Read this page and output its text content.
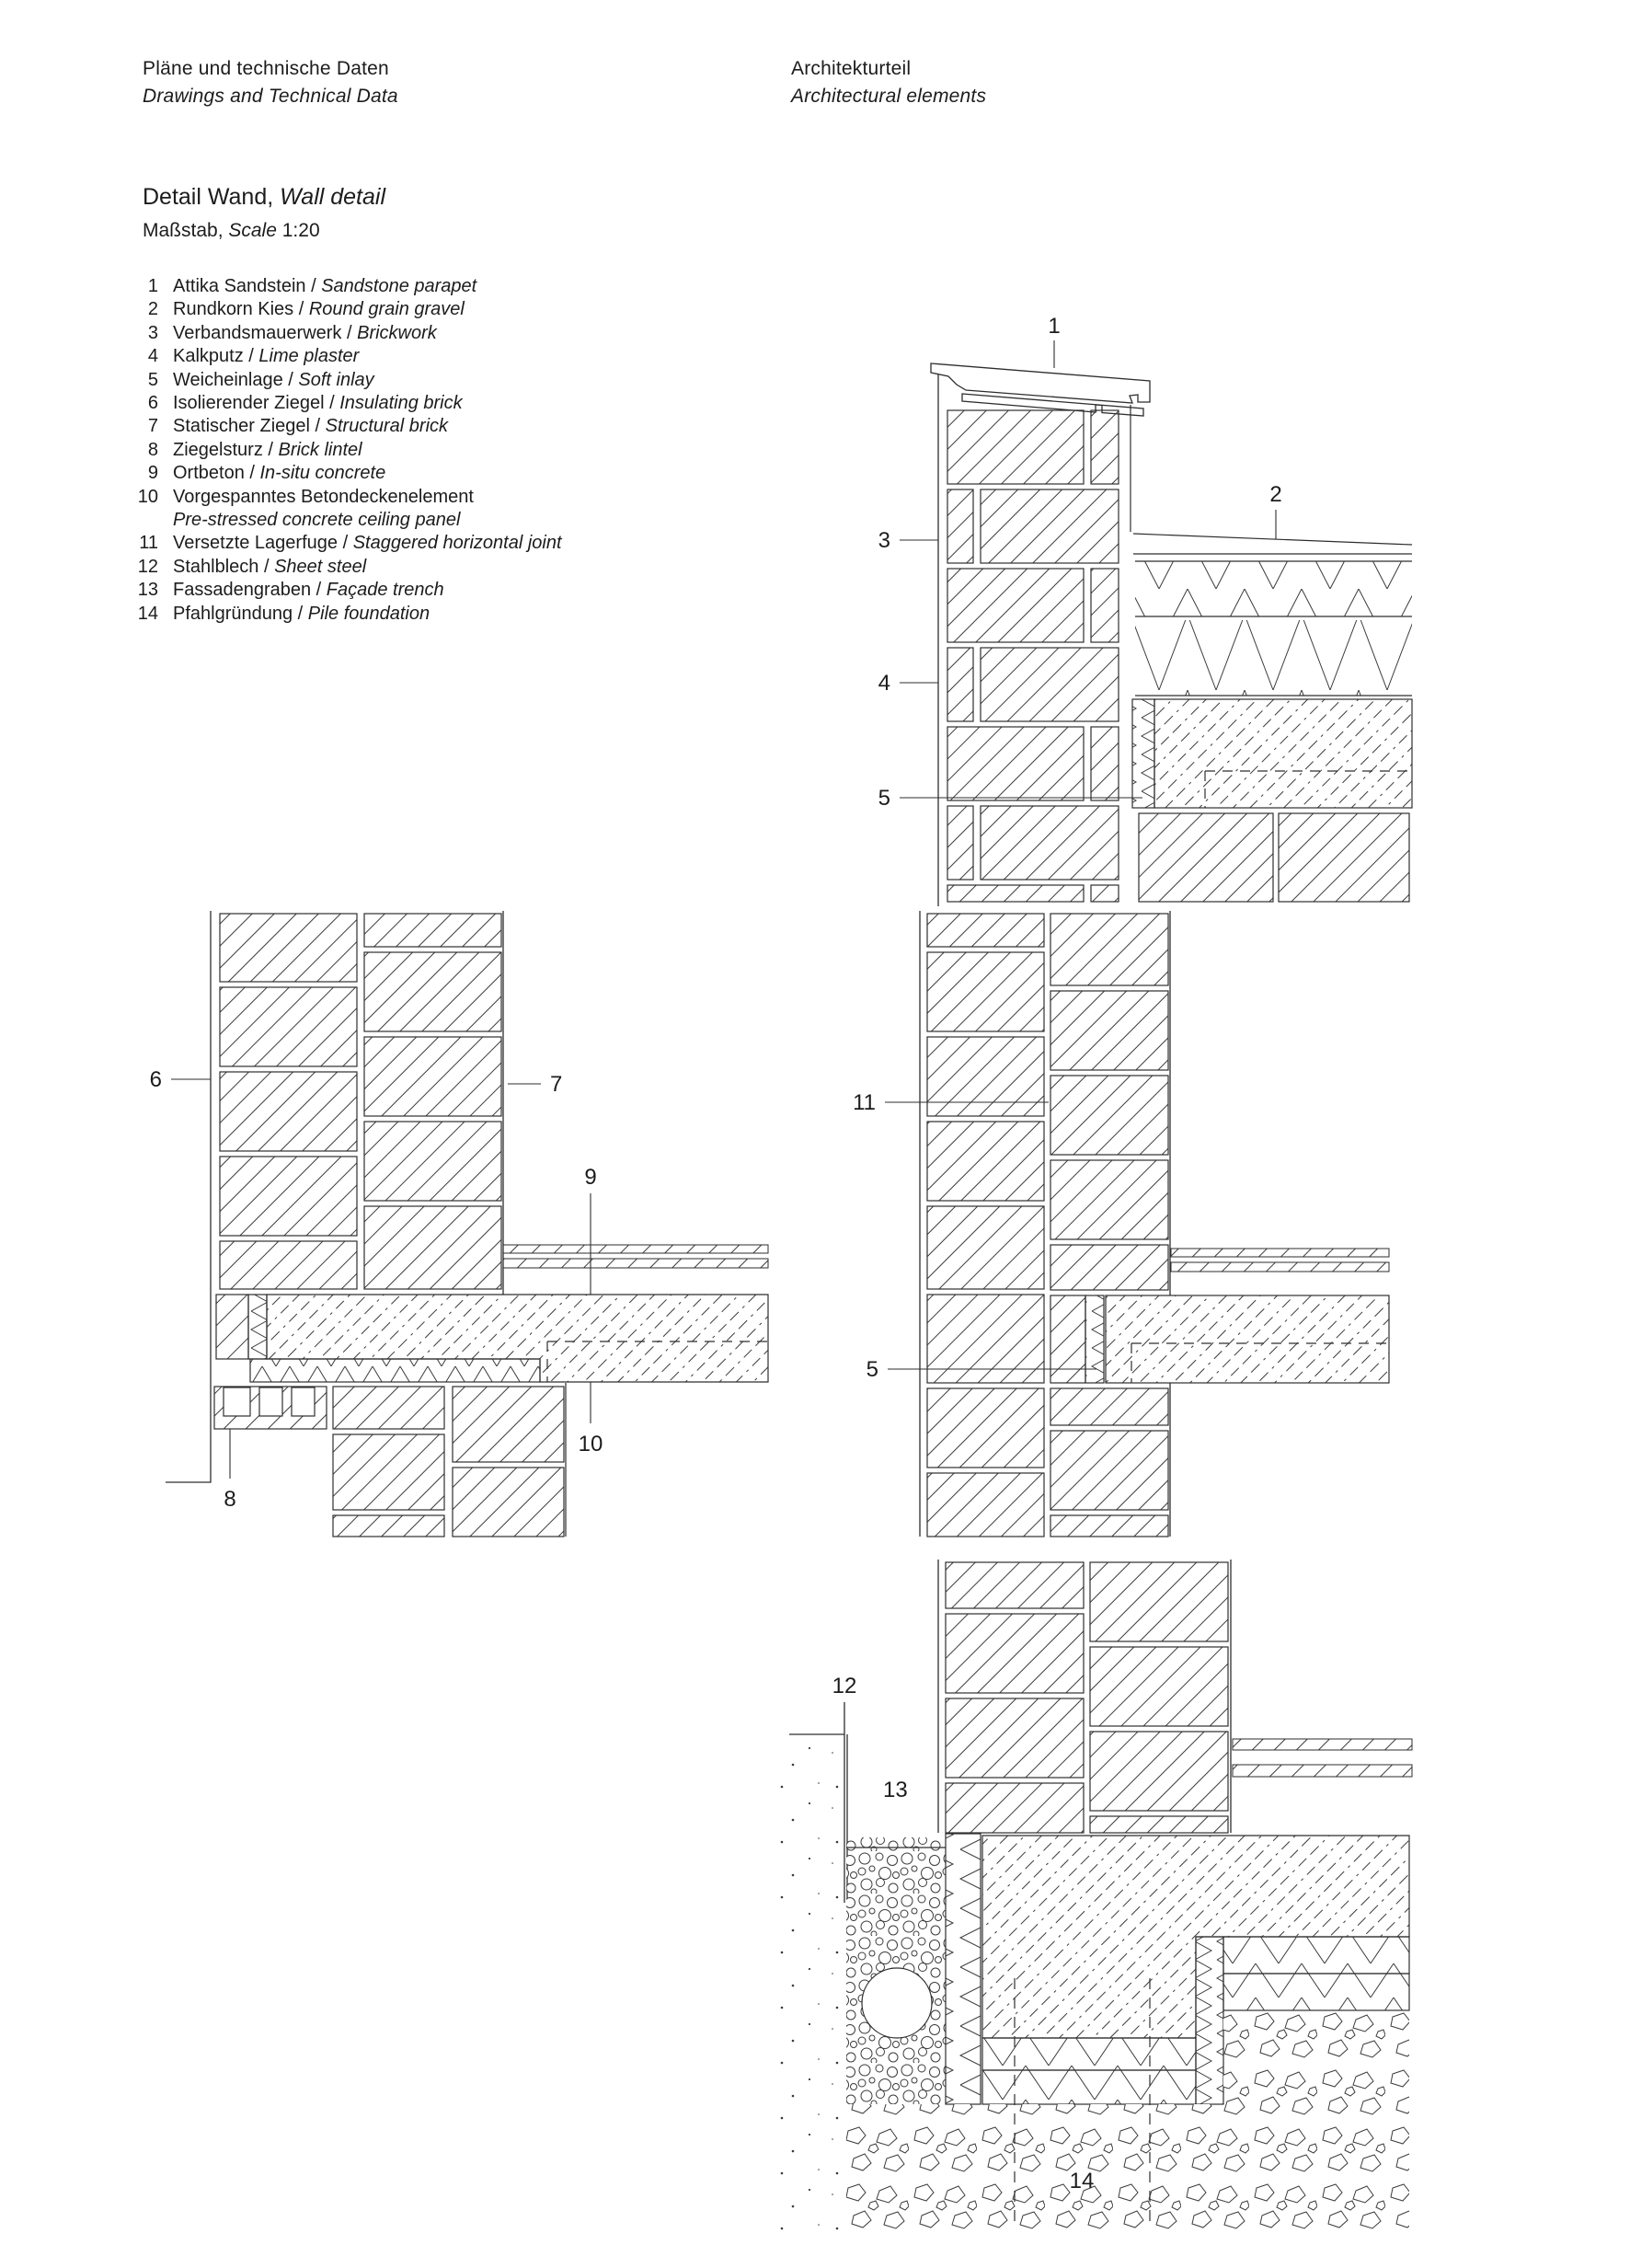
Pläne und technische Daten
Drawings and Technical Data
Architekturteil
Architectural elements
Detail Wand, Wall detail
Maßstab, Scale 1:20
1 Attika Sandstein / Sandstone parapet
2 Rundkorn Kies / Round grain gravel
3 Verbandsmauerwerk / Brickwork
4 Kalkputz / Lime plaster
5 Weicheinlage / Soft inlay
6 Isolierender Ziegel / Insulating brick
7 Statischer Ziegel / Structural brick
8 Ziegelsturz / Brick lintel
9 Ortbeton / In-situ concrete
10 Vorgespanntes Betondeckenelement
Pre-stressed concrete ceiling panel
11 Versetzte Lagerfuge / Staggered horizontal joint
12 Stahlblech / Sheet steel
13 Fassadengraben / Façade trench
14 Pfahlgründung / Pile foundation
1
2
3
4
5
6	7
9
8
10
11
5
12
13
14
